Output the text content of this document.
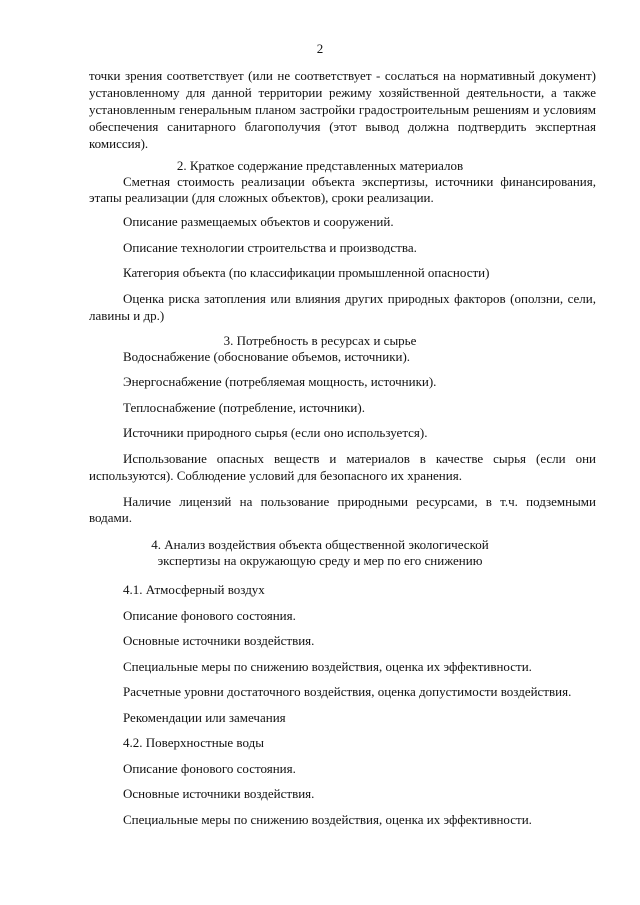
2
точки зрения соответствует (или не соответствует - сослаться на нормативный документ)
установленному для данной территории режиму хозяйственной деятельности, а также
установленным генеральным планом застройки градостроительным решениям и условиям
обеспечения санитарного благополучия (этот вывод должна подтвердить экспертная
комиссия).
2. Краткое содержание представленных материалов
Сметная стоимость реализации объекта экспертизы, источники финансирования,
этапы реализации (для сложных объектов), сроки реализации.
Описание размещаемых объектов и сооружений.
Описание технологии строительства и производства.
Категория объекта (по классификации промышленной опасности)
Оценка риска затопления или влияния других природных факторов (оползни, сели,
лавины и др.)
3. Потребность в ресурсах и сырье
Водоснабжение (обоснование объемов, источники).
Энергоснабжение (потребляемая мощность, источники).
Теплоснабжение (потребление, источники).
Источники природного сырья (если оно используется).
Использование опасных веществ и материалов в качестве сырья (если они
используются). Соблюдение условий для безопасного их хранения.
Наличие лицензий на пользование природными ресурсами, в т.ч. подземными
водами.
4. Анализ воздействия объекта общественной экологической
экспертизы на окружающую среду и мер по его снижению
4.1. Атмосферный воздух
Описание фонового состояния.
Основные источники воздействия.
Специальные меры по снижению воздействия, оценка их эффективности.
Расчетные уровни достаточного воздействия, оценка допустимости воздействия.
Рекомендации или замечания
4.2. Поверхностные воды
Описание фонового состояния.
Основные источники воздействия.
Специальные меры по снижению воздействия, оценка их эффективности.
